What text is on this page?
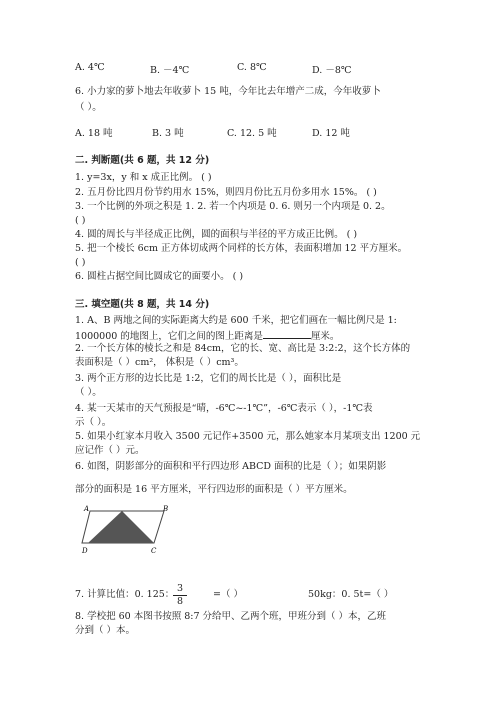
A. 4℃	B. －4℃	C. 8℃	D. －8℃
6. 小力家的萝卜地去年收萝卜 15 吨，今年比去年增产二成，今年收萝卜
（ ）。
A. 18 吨	B. 3 吨	C. 12. 5 吨	D. 12 吨
二. 判断题(共 6 题，共 12 分)
1. y=3x，y 和 x 成正比例。 ( )
2. 五月份比四月份节约用水 15%，则四月份比五月份多用水 15%。 ( )
3. 一个比例的外项之积是 1. 2. 若一个内项是 0. 6. 则另一个内项是 0. 2。
( )
4. 圆的周长与半径成正比例，圆的面积与半径的平方成正比例。 ( )
5. 把一个棱长 6cm 正方体切成两个同样的长方体，表面积增加 12 平方厘米。
( )
6. 圆柱占据空间比圆成它的面要小。 ( )
三. 填空题(共 8 题，共 14 分)
1. A、B 两地之间的实际距离大约是 600 千米，把它们画在一幅比例尺是 1:
1000000 的地图上，它们之间的图上距离是	厘米。
2. 一个长方体的棱长之和是 84cm，它的长、宽、高比是 3:2:2，这个长方体的
表面积是（ ）cm²， 体积是（ ）cm³。
3. 两个正方形的边长比是 1:2，它们的周长比是（ ），面积比是
（ ）。
4. 某一天某市的天气预报是“晴，-6℃~-1℃”，-6℃表示（ ），-1℃表
示（ ）。
5. 如果小红家本月收入 3500 元记作+3500 元，那么她家本月某项支出 1200 元
应记作（ ）元。
6. 如图，阴影部分的面积和平行四边形 ABCD 面积的比是（ ）；如果阴影
部分的面积是 16 平方厘米，平行四边形的面积是（ ）平方厘米。
A	B
D	C
7. 计算比值：0. 125：
$\frac{3}{8}$	=（ ）	50kg：0. 5t=（ ）
8. 学校把 60 本图书按照 8:7 分给甲、乙两个班，甲班分到（ ）本，乙班
分到（ ）本。
